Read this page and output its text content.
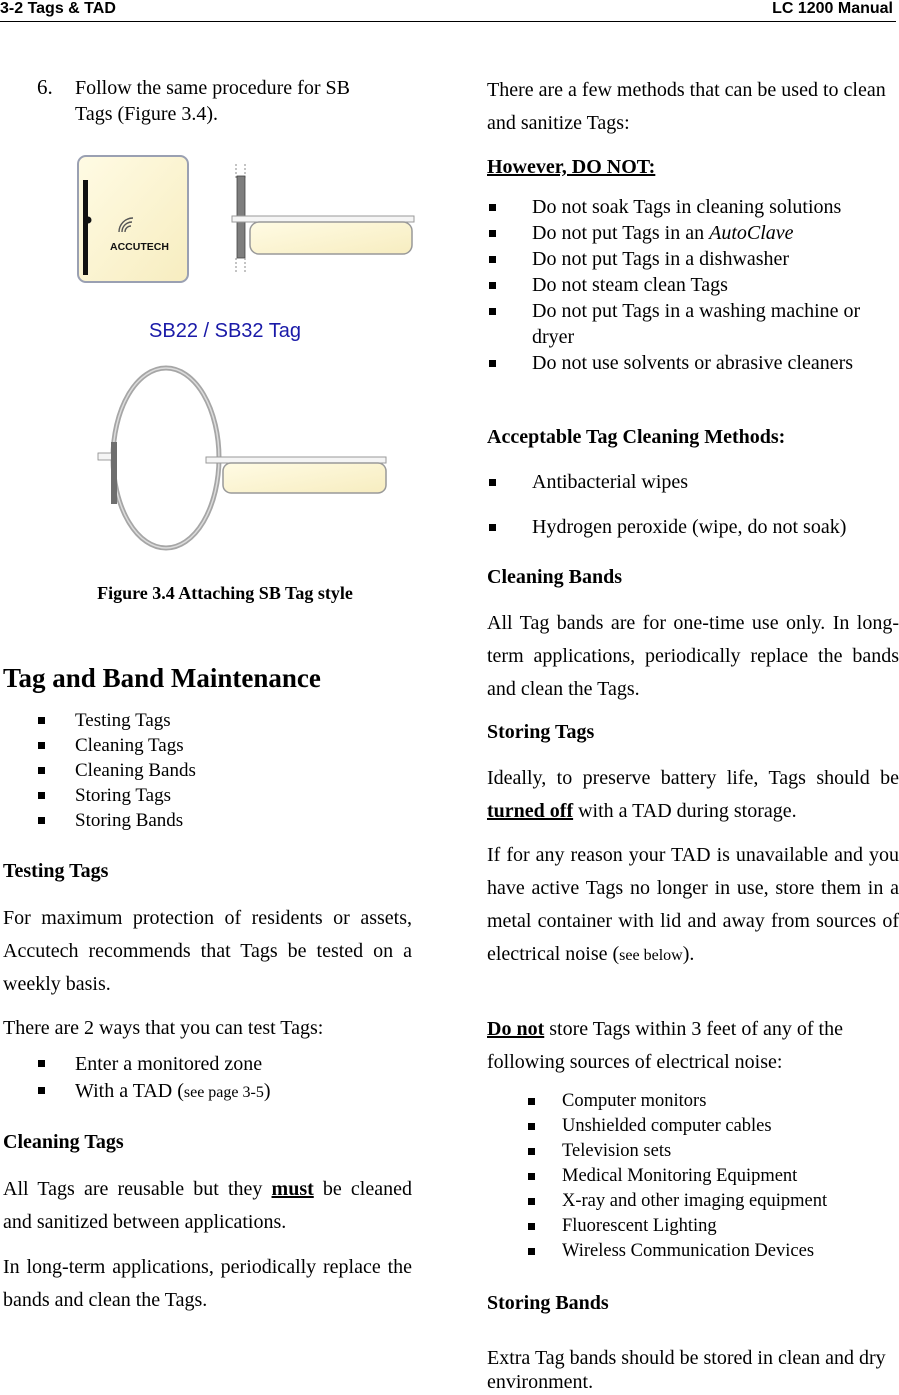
3-2 Tags & TAD	LC 1200 Manual
6. Follow the same procedure for SB
Tags (Figure 3.4).
ACCUTECH
SB22 / SB32 Tag
Figure 3.4 Attaching SB Tag style
Tag and Band Maintenance
Testing Tags
Cleaning Tags
Cleaning Bands
Storing Tags
Storing Bands
Testing Tags
For maximum protection of residents or assets, Accutech recommends that Tags be tested on a weekly basis.
There are 2 ways that you can test Tags:
Enter a monitored zone
With a TAD (see page 3-5)
Cleaning Tags
All Tags are reusable but they must be cleaned and sanitized between applications.
In long-term applications, periodically replace the bands and clean the Tags.
There are a few methods that can be used to clean and sanitize Tags:
However, DO NOT:
Do not soak Tags in cleaning solutions
Do not put Tags in an AutoClave
Do not put Tags in a dishwasher
Do not steam clean Tags
Do not put Tags in a washing machine or dryer
Do not use solvents or abrasive cleaners
Acceptable Tag Cleaning Methods:
Antibacterial wipes
Hydrogen peroxide (wipe, do not soak)
Cleaning Bands
All Tag bands are for one-time use only. In long-term applications, periodically replace the bands and clean the Tags.
Storing Tags
Ideally, to preserve battery life, Tags should be turned off with a TAD during storage.
If for any reason your TAD is unavailable and you have active Tags no longer in use, store them in a metal container with lid and away from sources of electrical noise (see below).
Do not store Tags within 3 feet of any of the following sources of electrical noise:
Computer monitors
Unshielded computer cables
Television sets
Medical Monitoring Equipment
X-ray and other imaging equipment
Fluorescent Lighting
Wireless Communication Devices
Storing Bands
Extra Tag bands should be stored in clean and dry environment.
